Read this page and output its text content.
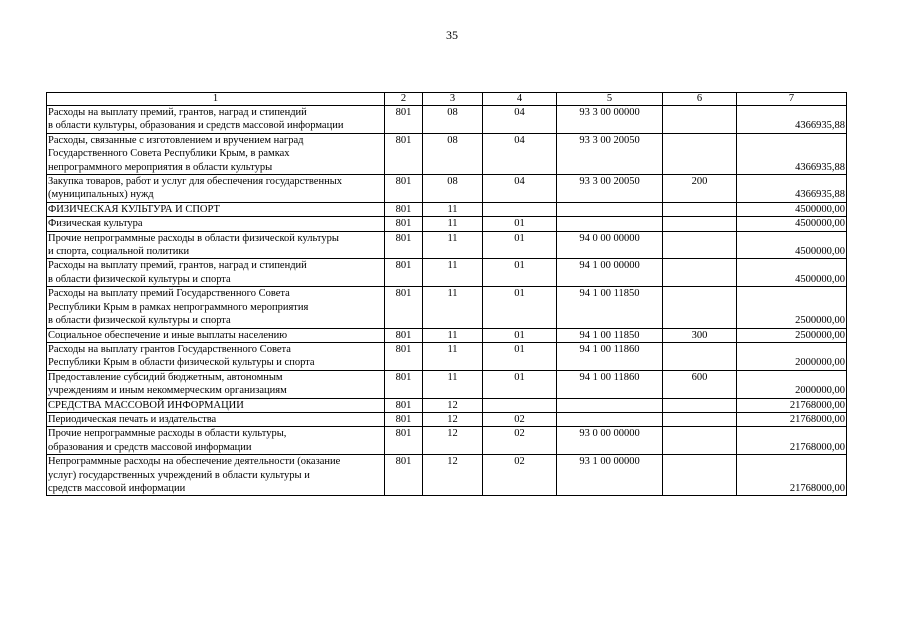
35
1	2	3	4	5	6	7
Расходы на выплату премий, грантов, наград и стипендий
в области культуры, образования и средств массовой информации	801	08	04	93 3 00 00000		4366935,88
Расходы, связанные с изготовлением и вручением наград
Государственного Совета Республики Крым, в рамках
непрограммного мероприятия в области культуры	801	08	04	93 3 00 20050		4366935,88
Закупка товаров, работ и услуг для обеспечения государственных
(муниципальных) нужд	801	08	04	93 3 00 20050	200	4366935,88
ФИЗИЧЕСКАЯ КУЛЬТУРА И СПОРТ	801	11				4500000,00
Физическая культура	801	11	01			4500000,00
Прочие непрограммные расходы в области физической культуры
и спорта, социальной политики	801	11	01	94 0 00 00000		4500000,00
Расходы на выплату премий, грантов, наград и стипендий
в области физической культуры и спорта	801	11	01	94 1 00 00000		4500000,00
Расходы на выплату премий Государственного Совета
Республики Крым в рамках непрограммного мероприятия
в области физической культуры и спорта	801	11	01	94 1 00 11850		2500000,00
Социальное обеспечение и иные выплаты населению	801	11	01	94 1 00 11850	300	2500000,00
Расходы на выплату грантов Государственного Совета
Республики Крым в области физической культуры и спорта	801	11	01	94 1 00 11860		2000000,00
Предоставление субсидий бюджетным, автономным
учреждениям и иным некоммерческим организациям	801	11	01	94 1 00 11860	600	2000000,00
СРЕДСТВА МАССОВОЙ ИНФОРМАЦИИ	801	12				21768000,00
Периодическая печать и издательства	801	12	02			21768000,00
Прочие непрограммные расходы в области культуры,
образования и средств массовой информации	801	12	02	93 0 00 00000		21768000,00
Непрограммные расходы на обеспечение деятельности (оказание
услуг) государственных учреждений в области культуры и
средств массовой информации	801	12	02	93 1 00 00000		21768000,00
